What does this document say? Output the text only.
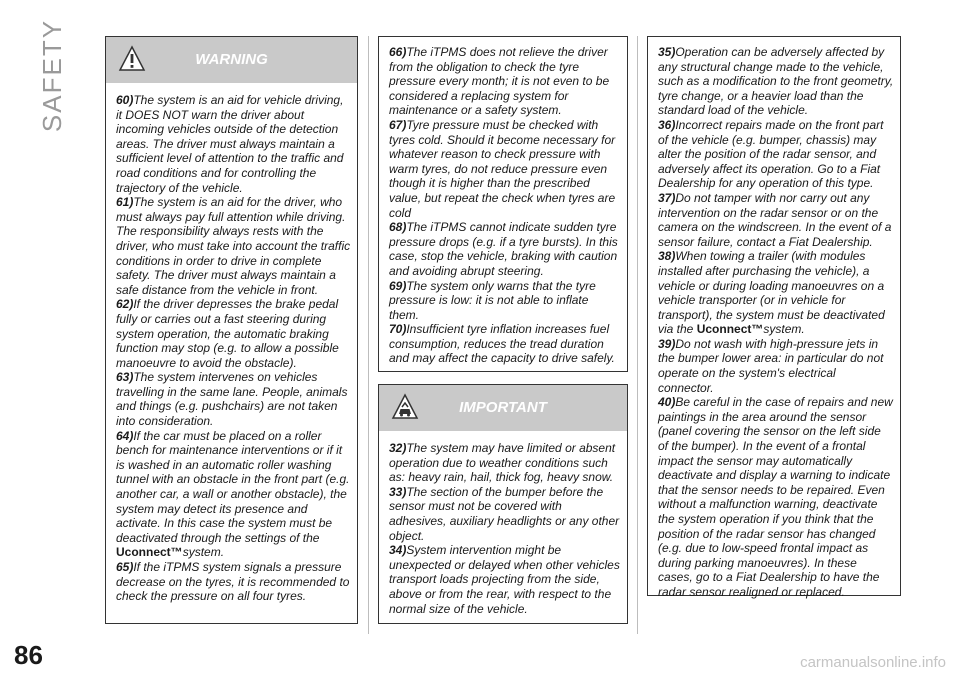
SAFETY
86
WARNING

60)The system is an aid for vehicle driving, it DOES NOT warn the driver about incoming vehicles outside of the detection areas. The driver must always maintain a sufficient level of attention to the traffic and road conditions and for controlling the trajectory of the vehicle.

61)The system is an aid for the driver, who must always pay full attention while driving. The responsibility always rests with the driver, who must take into account the traffic conditions in order to drive in complete safety. The driver must always maintain a safe distance from the vehicle in front.

62)If the driver depresses the brake pedal fully or carries out a fast steering during system operation, the automatic braking function may stop (e.g. to allow a possible manoeuvre to avoid the obstacle).

63)The system intervenes on vehicles travelling in the same lane. People, animals and things (e.g. pushchairs) are not taken into consideration.

64)If the car must be placed on a roller bench for maintenance interventions or if it is washed in an automatic roller washing tunnel with an obstacle in the front part (e.g. another car, a wall or another obstacle), the system may detect its presence and activate. In this case the system must be deactivated through the settings of the Uconnect™system.

65)If the iTPMS system signals a pressure decrease on the tyres, it is recommended to check the pressure on all four tyres.

66)The iTPMS does not relieve the driver from the obligation to check the tyre pressure every month; it is not even to be considered a replacing system for maintenance or a safety system.

67)Tyre pressure must be checked with tyres cold. Should it become necessary for whatever reason to check pressure with warm tyres, do not reduce pressure even though it is higher than the prescribed value, but repeat the check when tyres are cold

68)The iTPMS cannot indicate sudden tyre pressure drops (e.g. if a tyre bursts). In this case, stop the vehicle, braking with caution and avoiding abrupt steering.

69)The system only warns that the tyre pressure is low: it is not able to inflate them.

70)Insufficient tyre inflation increases fuel consumption, reduces the tread duration and may affect the capacity to drive safely.

IMPORTANT

32)The system may have limited or absent operation due to weather conditions such as: heavy rain, hail, thick fog, heavy snow.

33)The section of the bumper before the sensor must not be covered with adhesives, auxiliary headlights or any other object.

34)System intervention might be unexpected or delayed when other vehicles transport loads projecting from the side, above or from the rear, with respect to the normal size of the vehicle.

35)Operation can be adversely affected by any structural change made to the vehicle, such as a modification to the front geometry, tyre change, or a heavier load than the standard load of the vehicle.

36)Incorrect repairs made on the front part of the vehicle (e.g. bumper, chassis) may alter the position of the radar sensor, and adversely affect its operation. Go to a Fiat Dealership for any operation of this type.

37)Do not tamper with nor carry out any intervention on the radar sensor or on the camera on the windscreen. In the event of a sensor failure, contact a Fiat Dealership.

38)When towing a trailer (with modules installed after purchasing the vehicle), a vehicle or during loading manoeuvres on a vehicle transporter (or in vehicle for transport), the system must be deactivated via the Uconnect™system.

39)Do not wash with high-pressure jets in the bumper lower area: in particular do not operate on the system's electrical connector.

40)Be careful in the case of repairs and new paintings in the area around the sensor (panel covering the sensor on the left side of the bumper). In the event of a frontal impact the sensor may automatically deactivate and display a warning to indicate that the sensor needs to be repaired. Even without a malfunction warning, deactivate the system operation if you think that the position of the radar sensor has changed (e.g. due to low-speed frontal impact as during parking manoeuvres). In these cases, go to a Fiat Dealership to have the radar sensor realigned or replaced.

carmanualsonline.info
